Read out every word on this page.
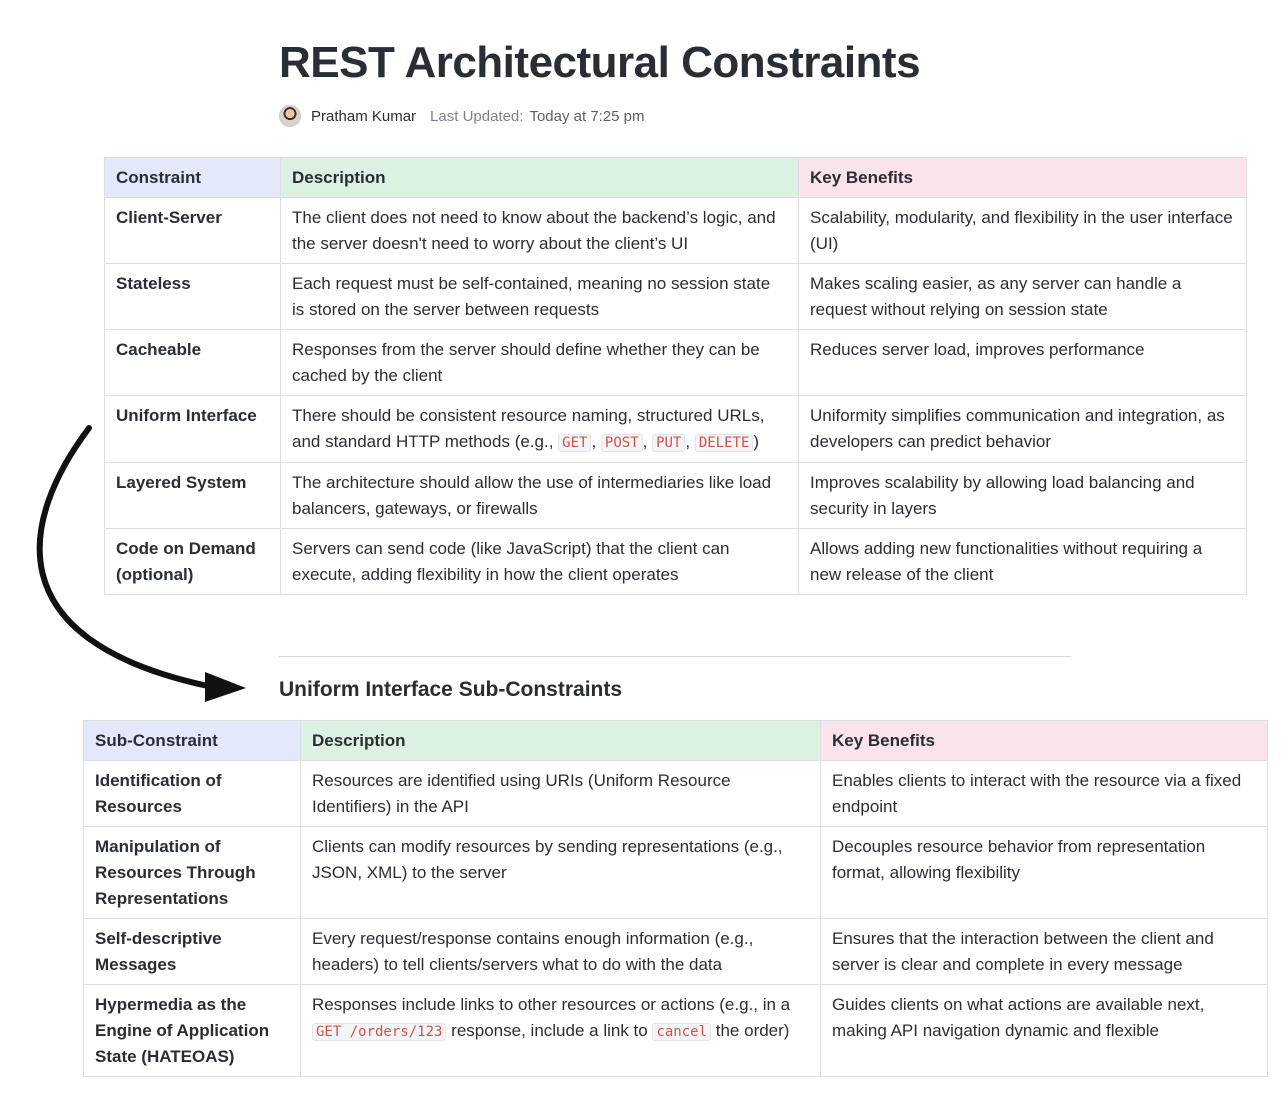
REST Architectural Constraints
Pratham Kumar Last Updated: Today at 7:25 pm
Constraint	Description	Key Benefits
Client-Server	The client does not need to know about the backend’s logic, and the server doesn't need to worry about the client’s UI	Scalability, modularity, and flexibility in the user interface (UI)
Stateless	Each request must be self-contained, meaning no session state is stored on the server between requests	Makes scaling easier, as any server can handle a request without relying on session state
Cacheable	Responses from the server should define whether they can be cached by the client	Reduces server load, improves performance
Uniform Interface	There should be consistent resource naming, structured URLs, and standard HTTP methods (e.g., GET , POST , PUT , DELETE )	Uniformity simplifies communication and integration, as developers can predict behavior
Layered System	The architecture should allow the use of intermediaries like load balancers, gateways, or firewalls	Improves scalability by allowing load balancing and security in layers
Code on Demand (optional)	Servers can send code (like JavaScript) that the client can execute, adding flexibility in how the client operates	Allows adding new functionalities without requiring a new release of the client
Uniform Interface Sub-Constraints
Sub-Constraint	Description	Key Benefits
Identification of Resources	Resources are identified using URIs (Uniform Resource Identifiers) in the API	Enables clients to interact with the resource via a fixed endpoint
Manipulation of Resources Through Representations	Clients can modify resources by sending representations (e.g., JSON, XML) to the server	Decouples resource behavior from representation format, allowing flexibility
Self-descriptive Messages	Every request/response contains enough information (e.g., headers) to tell clients/servers what to do with the data	Ensures that the interaction between the client and server is clear and complete in every message
Hypermedia as the Engine of Application State (HATEOAS)	Responses include links to other resources or actions (e.g., in a GET /orders/123 response, include a link to cancel the order)	Guides clients on what actions are available next, making API navigation dynamic and flexible
